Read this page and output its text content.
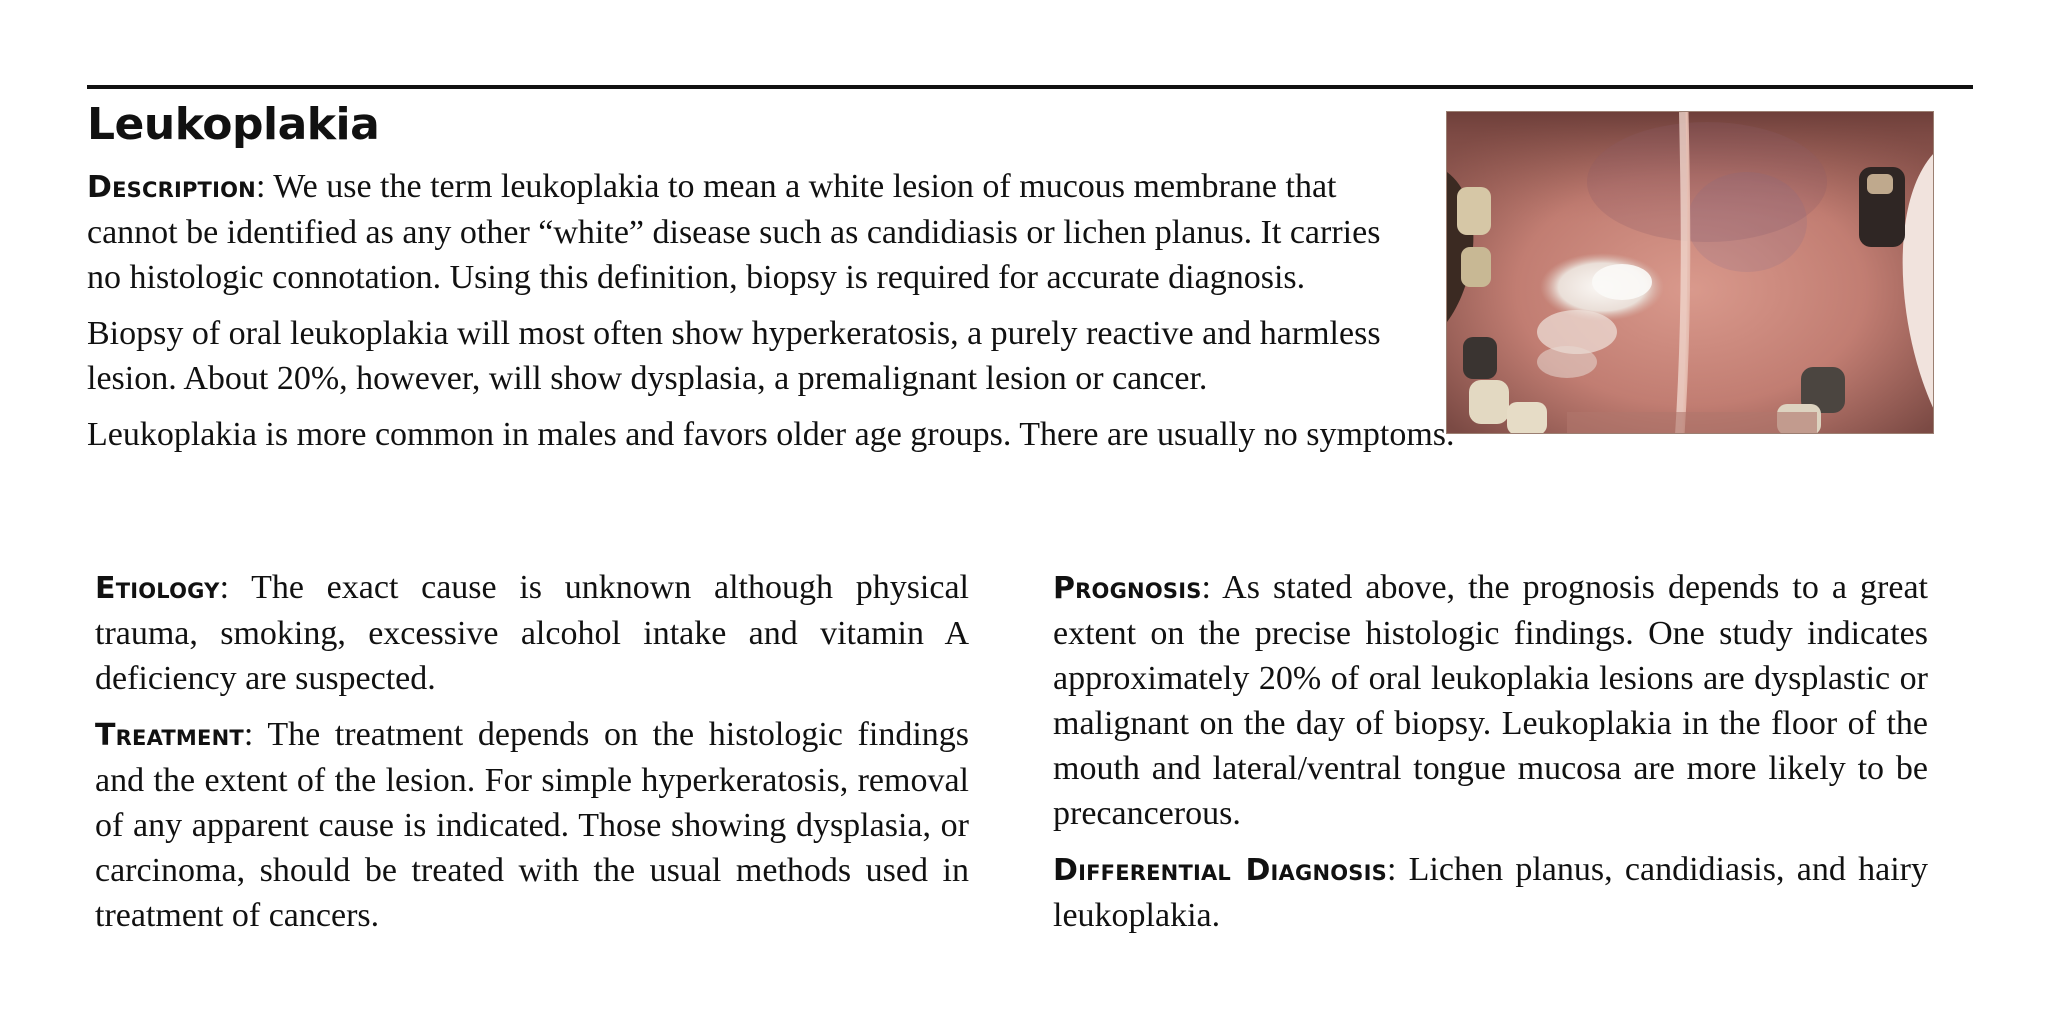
Leukoplakia

Description: We use the term leukoplakia to mean a white lesion of mucous membrane that cannot be identified as any other “white” disease such as candidiasis or lichen planus. It carries no histologic connotation. Using this definition, biopsy is required for accurate diagnosis.

Biopsy of oral leukoplakia will most often show hyperkeratosis, a purely reactive and harmless lesion. About 20%, however, will show dysplasia, a premalignant lesion or cancer.

Leukoplakia is more common in males and favors older age groups. There are usually no symptoms.

Etiology: The exact cause is unknown although physical trauma, smoking, excessive alcohol intake and vitamin A deficiency are suspected.

Treatment: The treatment depends on the histologic findings and the extent of the lesion. For simple hyperkeratosis, removal of any apparent cause is indicated. Those showing dysplasia, or carcinoma, should be treated with the usual methods used in treatment of cancers.

Prognosis: As stated above, the prognosis depends to a great extent on the precise histologic findings. One study indicates approximately 20% of oral leukoplakia lesions are dysplastic or malignant on the day of biopsy. Leukoplakia in the floor of the mouth and lateral/ventral tongue mucosa are more likely to be precancerous.

Differential Diagnosis: Lichen planus, candidiasis, and hairy leukoplakia.
